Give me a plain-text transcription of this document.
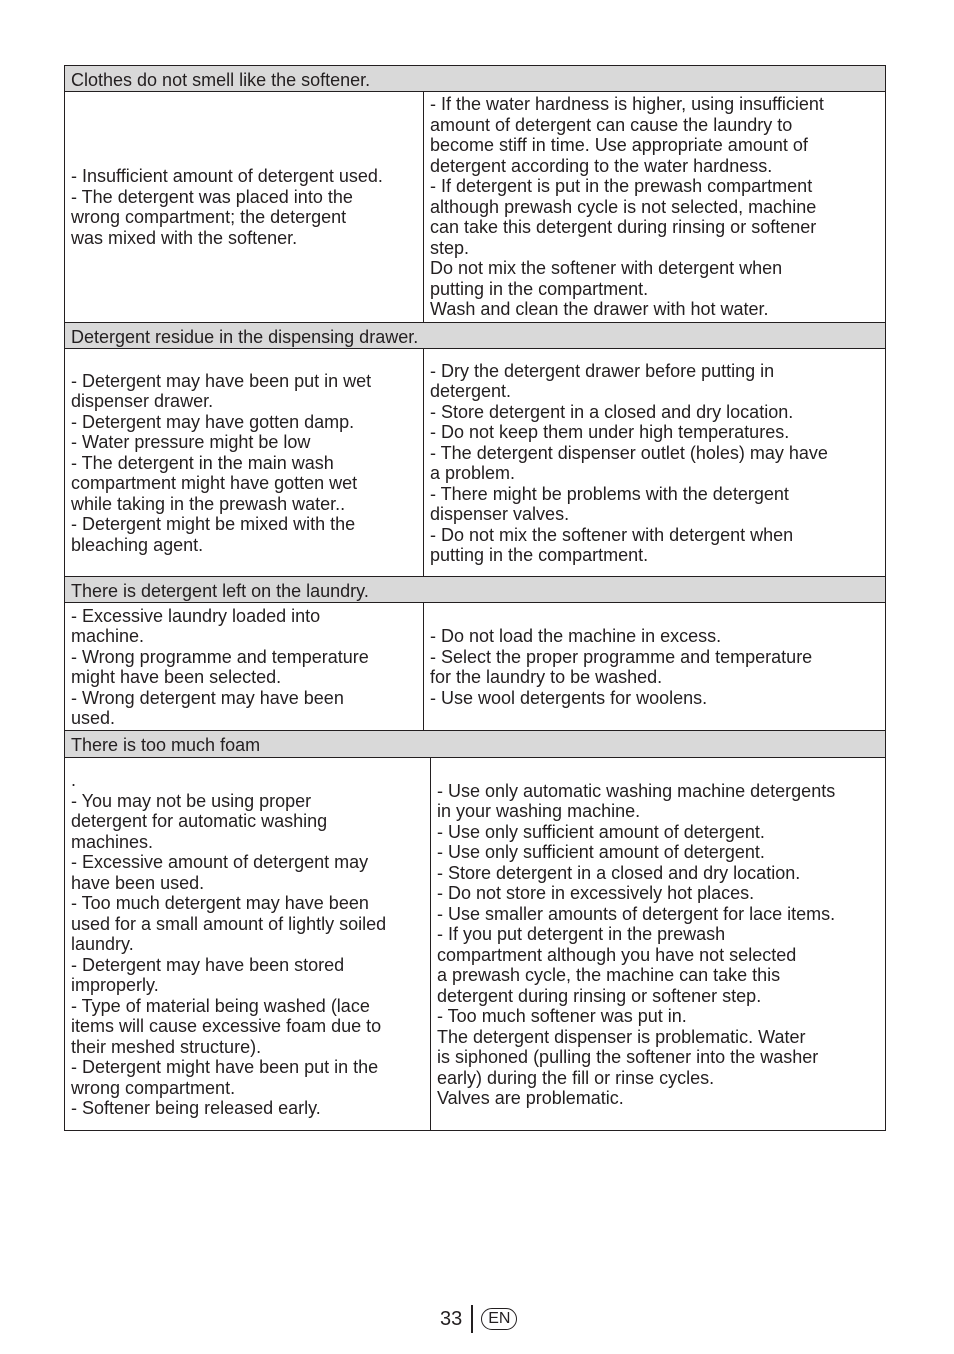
Clothes do not smell like the softener.
- Insufficient amount of detergent used.
- The detergent was placed into the
wrong compartment; the detergent
was mixed with the softener.
- If the water hardness is higher, using insufficient
amount of detergent can cause the laundry to
become stiff in time. Use appropriate amount of
detergent according to the water hardness.
- If detergent is put in the prewash compartment
although prewash cycle is not selected, machine
can take this detergent during rinsing or softener
step.
Do not mix the softener with detergent when
putting in the compartment.
Wash and clean the drawer with hot water.
Detergent residue in the dispensing drawer.
- Detergent may have been put in wet
dispenser drawer.
- Detergent may have gotten damp.
- Water pressure might be low
- The detergent in the main wash
compartment might have gotten wet
while taking in the prewash water..
- Detergent might be mixed with the
bleaching agent.
- Dry the detergent drawer before putting in
detergent.
- Store detergent in a closed and dry location.
- Do not keep them under high temperatures.
- The detergent dispenser outlet (holes) may have
a problem.
- There might be problems with the detergent
dispenser valves.
- Do not mix the softener with detergent when
putting in the compartment.
There is detergent left on the laundry.
- Excessive laundry loaded into
machine.
- Wrong programme and temperature
might have been selected.
- Wrong detergent may have been
used.
- Do not load the machine in excess.
- Select the proper programme and temperature
for the laundry to be washed.
- Use wool detergents for woolens.
There is too much foam
.
- You may not be using proper
detergent for automatic washing
machines.
- Excessive amount of detergent may
have been used.
- Too much detergent may have been
used for a small amount of lightly soiled
laundry.
- Detergent may have been stored
improperly.
- Type of material being washed (lace
items will cause excessive foam due to
their meshed structure).
- Detergent might have been put in the
wrong compartment.
- Softener being released early.
- Use only automatic washing machine detergents
in your washing machine.
- Use only sufficient amount of detergent.
- Use only sufficient amount of detergent.
- Store detergent in a closed and dry location.
- Do not store in excessively hot places.
- Use smaller amounts of detergent for lace items.
- If you put detergent in the prewash
compartment although you have not selected
a prewash cycle, the machine can take this
detergent during rinsing or softener step.
- Too much softener was put in.
The detergent dispenser is problematic. Water
is siphoned (pulling the softener into the washer
early) during the fill or rinse cycles.
Valves are problematic.
33	EN
